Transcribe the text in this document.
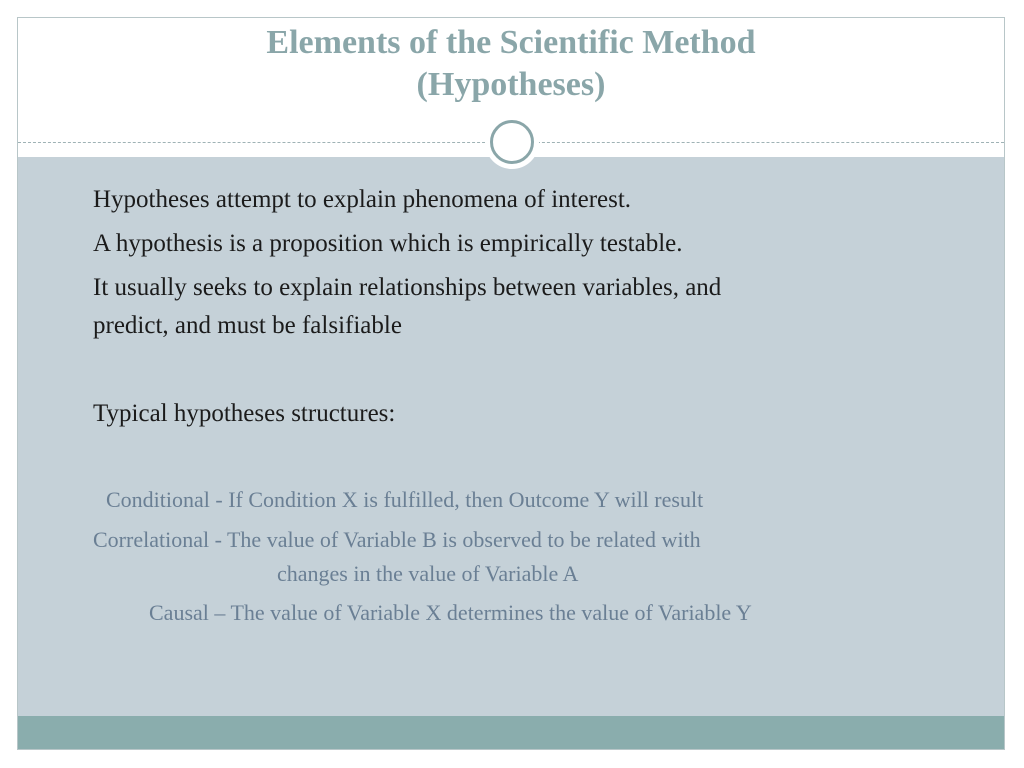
Elements of the Scientific Method
(Hypotheses)

Hypotheses attempt to explain phenomena of interest.

A hypothesis is a proposition which is empirically testable.

It usually seeks to explain relationships between variables, and

predict, and must be falsifiable

Typical hypotheses structures:

Conditional - If Condition X is fulfilled, then Outcome Y will result

Correlational - The value of Variable B is observed to be related with

changes in the value of Variable A

Causal – The value of Variable X determines the value of Variable Y
